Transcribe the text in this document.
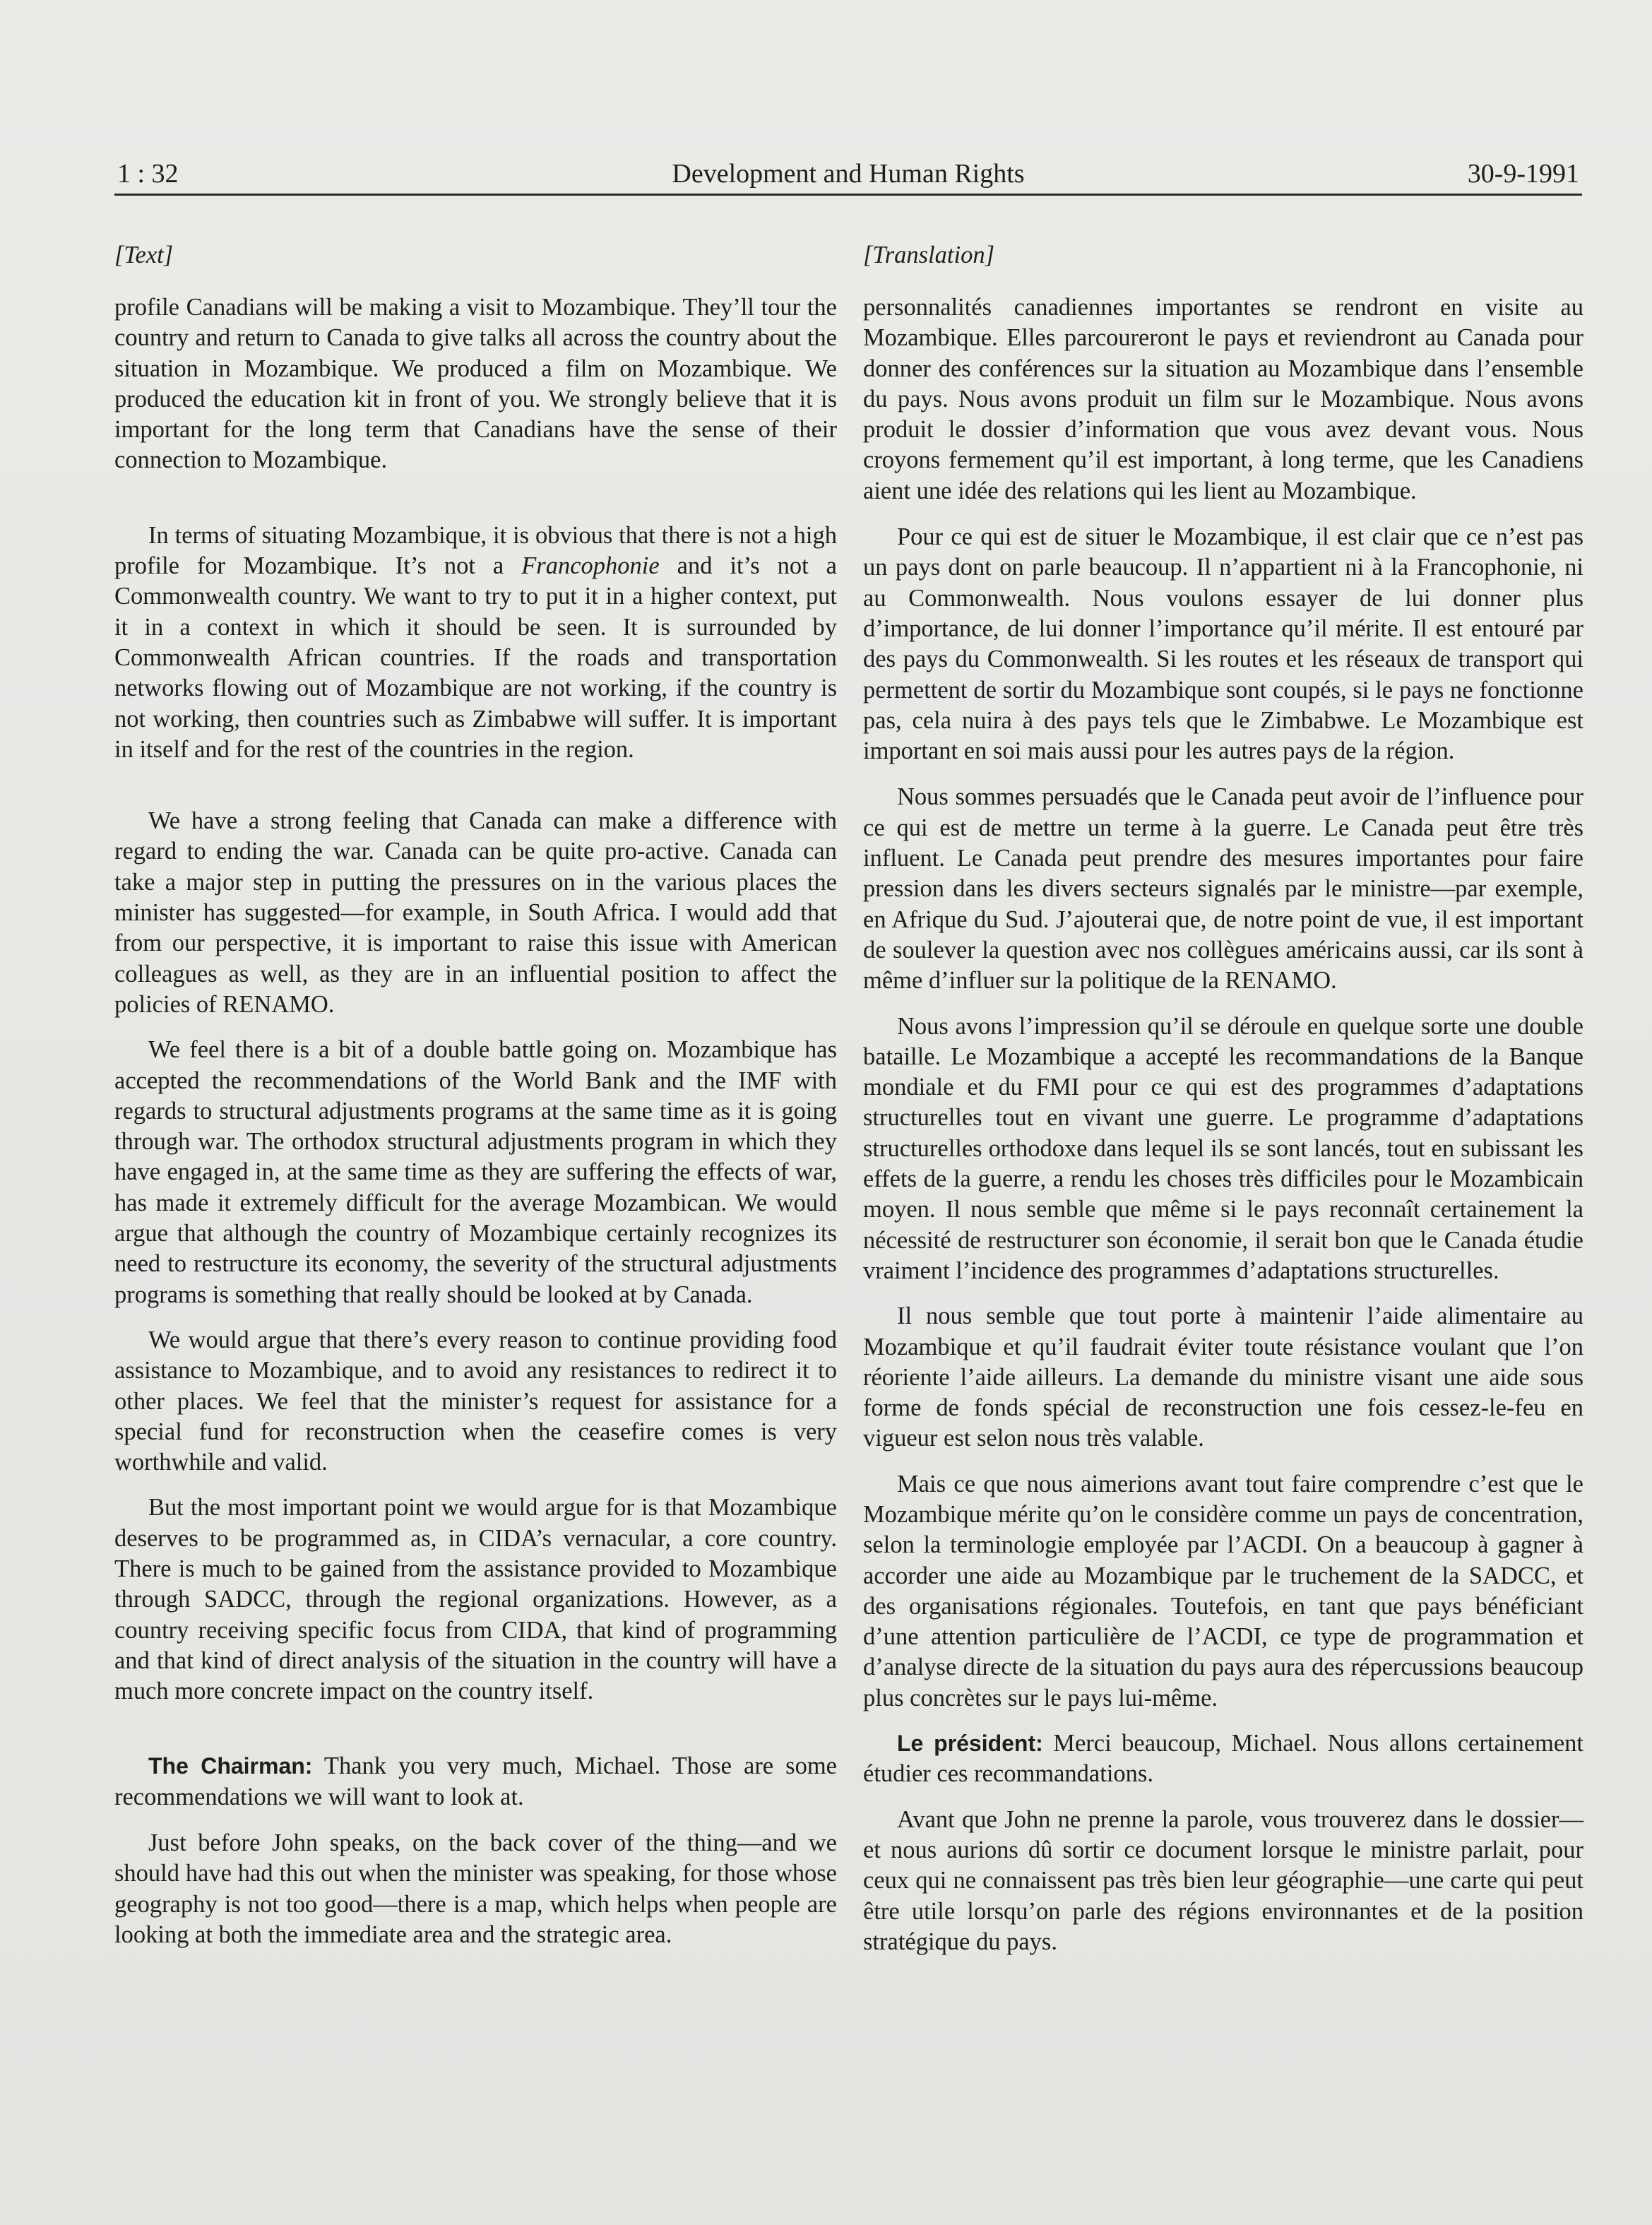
1 : 32	Development and Human Rights	30-9-1991
[Text]

profile Canadians will be making a visit to Mozambique. They’ll tour the country and return to Canada to give talks all across the country about the situation in Mozambique. We produced a film on Mozambique. We produced the education kit in front of you. We strongly believe that it is important for the long term that Canadians have the sense of their connection to Mozambique.

In terms of situating Mozambique, it is obvious that there is not a high profile for Mozambique. It’s not a Francophonie and it’s not a Commonwealth country. We want to try to put it in a higher context, put it in a context in which it should be seen. It is surrounded by Commonwealth African countries. If the roads and transportation networks flowing out of Mozambique are not working, if the country is not working, then countries such as Zimbabwe will suffer. It is important in itself and for the rest of the countries in the region.

We have a strong feeling that Canada can make a difference with regard to ending the war. Canada can be quite pro-active. Canada can take a major step in putting the pressures on in the various places the minister has suggested—for example, in South Africa. I would add that from our perspective, it is important to raise this issue with American colleagues as well, as they are in an influential position to affect the policies of RENAMO.

We feel there is a bit of a double battle going on. Mozambique has accepted the recommendations of the World Bank and the IMF with regards to structural adjustments programs at the same time as it is going through war. The orthodox structural adjustments program in which they have engaged in, at the same time as they are suffering the effects of war, has made it extremely difficult for the average Mozambican. We would argue that although the country of Mozambique certainly recognizes its need to restructure its economy, the severity of the structural adjustments programs is something that really should be looked at by Canada.

We would argue that there’s every reason to continue providing food assistance to Mozambique, and to avoid any resistances to redirect it to other places. We feel that the minister’s request for assistance for a special fund for reconstruction when the ceasefire comes is very worthwhile and valid.

But the most important point we would argue for is that Mozambique deserves to be programmed as, in CIDA’s vernacular, a core country. There is much to be gained from the assistance provided to Mozambique through SADCC, through the regional organizations. However, as a country receiving specific focus from CIDA, that kind of programming and that kind of direct analysis of the situation in the country will have a much more concrete impact on the country itself.

The Chairman: Thank you very much, Michael. Those are some recommendations we will want to look at.

Just before John speaks, on the back cover of the thing—and we should have had this out when the minister was speaking, for those whose geography is not too good—there is a map, which helps when people are looking at both the immediate area and the strategic area.

[Translation]

personnalités canadiennes importantes se rendront en visite au Mozambique. Elles parcoureront le pays et reviendront au Canada pour donner des conférences sur la situation au Mozambique dans l’ensemble du pays. Nous avons produit un film sur le Mozambique. Nous avons produit le dossier d’information que vous avez devant vous. Nous croyons fermement qu’il est important, à long terme, que les Canadiens aient une idée des relations qui les lient au Mozambique.

Pour ce qui est de situer le Mozambique, il est clair que ce n’est pas un pays dont on parle beaucoup. Il n’appartient ni à la Francophonie, ni au Commonwealth. Nous voulons essayer de lui donner plus d’importance, de lui donner l’importance qu’il mérite. Il est entouré par des pays du Commonwealth. Si les routes et les réseaux de transport qui permettent de sortir du Mozambique sont coupés, si le pays ne fonctionne pas, cela nuira à des pays tels que le Zimbabwe. Le Mozambique est important en soi mais aussi pour les autres pays de la région.

Nous sommes persuadés que le Canada peut avoir de l’influence pour ce qui est de mettre un terme à la guerre. Le Canada peut être très influent. Le Canada peut prendre des mesures importantes pour faire pression dans les divers secteurs signalés par le ministre—par exemple, en Afrique du Sud. J’ajouterai que, de notre point de vue, il est important de soulever la question avec nos collègues américains aussi, car ils sont à même d’influer sur la politique de la RENAMO.

Nous avons l’impression qu’il se déroule en quelque sorte une double bataille. Le Mozambique a accepté les recommandations de la Banque mondiale et du FMI pour ce qui est des programmes d’adaptations structurelles tout en vivant une guerre. Le programme d’adaptations structurelles orthodoxe dans lequel ils se sont lancés, tout en subissant les effets de la guerre, a rendu les choses très difficiles pour le Mozambicain moyen. Il nous semble que même si le pays reconnaît certainement la nécessité de restructurer son économie, il serait bon que le Canada étudie vraiment l’incidence des programmes d’adaptations structurelles.

Il nous semble que tout porte à maintenir l’aide alimentaire au Mozambique et qu’il faudrait éviter toute résistance voulant que l’on réoriente l’aide ailleurs. La demande du ministre visant une aide sous forme de fonds spécial de reconstruction une fois cessez-le-feu en vigueur est selon nous très valable.

Mais ce que nous aimerions avant tout faire comprendre c’est que le Mozambique mérite qu’on le considère comme un pays de concentration, selon la terminologie employée par l’ACDI. On a beaucoup à gagner à accorder une aide au Mozambique par le truchement de la SADCC, et des organisations régionales. Toutefois, en tant que pays bénéficiant d’une attention particulière de l’ACDI, ce type de programmation et d’analyse directe de la situation du pays aura des répercussions beaucoup plus concrètes sur le pays lui-même.

Le président: Merci beaucoup, Michael. Nous allons certainement étudier ces recommandations.

Avant que John ne prenne la parole, vous trouverez dans le dossier—et nous aurions dû sortir ce document lorsque le ministre parlait, pour ceux qui ne connaissent pas très bien leur géographie—une carte qui peut être utile lorsqu’on parle des régions environnantes et de la position stratégique du pays.
